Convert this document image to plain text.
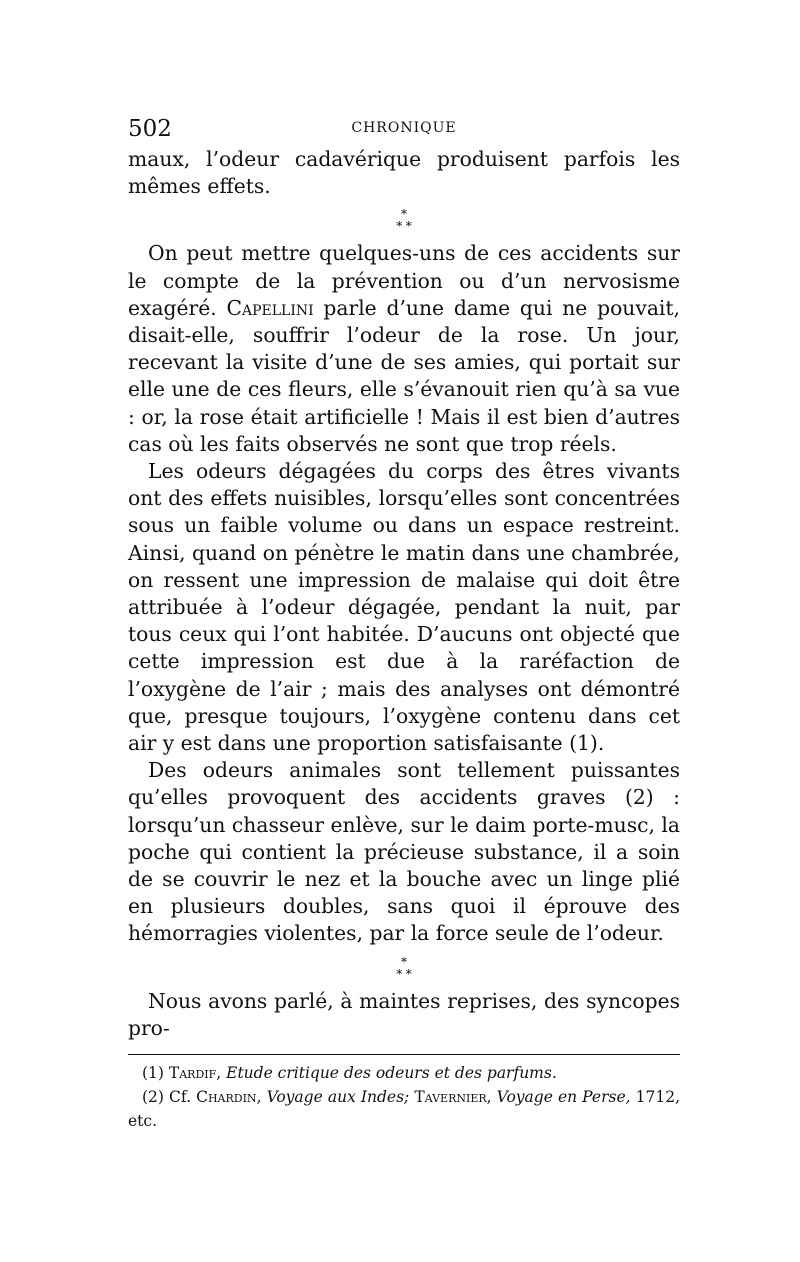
502	CHRONIQUE

maux, l’odeur cadavérique produisent parfois les mêmes effets.

*
* *

On peut mettre quelques-uns de ces accidents sur le compte de la prévention ou d’un nervosisme exagéré. Capellini parle d’une dame qui ne pouvait, disait-elle, souffrir l’odeur de la rose. Un jour, recevant la visite d’une de ses amies, qui portait sur elle une de ces fleurs, elle s’évanouit rien qu’à sa vue : or, la rose était artificielle ! Mais il est bien d’autres cas où les faits observés ne sont que trop réels.

Les odeurs dégagées du corps des êtres vivants ont des effets nuisibles, lorsqu’elles sont concentrées sous un faible volume ou dans un espace restreint. Ainsi, quand on pénètre le matin dans une chambrée, on ressent une impression de malaise qui doit être attribuée à l’odeur dégagée, pendant la nuit, par tous ceux qui l’ont habitée. D’aucuns ont objecté que cette impression est due à la raréfaction de l’oxygène de l’air ; mais des analyses ont démontré que, presque toujours, l’oxygène contenu dans cet air y est dans une proportion satisfaisante (1).

Des odeurs animales sont tellement puissantes qu’elles provoquent des accidents graves (2) : lorsqu’un chasseur enlève, sur le daim porte-musc, la poche qui contient la précieuse substance, il a soin de se couvrir le nez et la bouche avec un linge plié en plusieurs doubles, sans quoi il éprouve des hémorragies violentes, par la force seule de l’odeur.

*
* *

Nous avons parlé, à maintes reprises, des syncopes pro-

(1) Tardif, Etude critique des odeurs et des parfums.

(2) Cf. Chardin, Voyage aux Indes; Tavernier, Voyage en Perse, 1712, etc.
